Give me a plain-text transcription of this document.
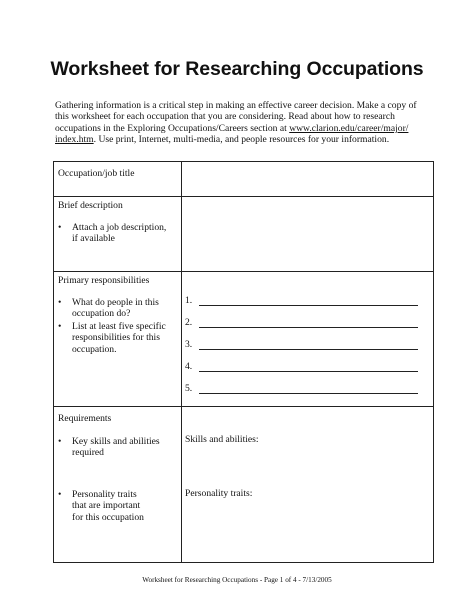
Worksheet for Researching Occupations
Gathering information is a critical step in making an effective career decision. Make a copy of
this worksheet for each occupation that you are considering. Read about how to research
occupations in the Exploring Occupations/Careers section at www.clarion.edu/career/major/
index.htm. Use print, Internet, multi-media, and people resources for your information.
Occupation/job title
Brief description
• Attach a job description,
if available
Primary responsibilities
• What do people in this
occupation do?
• List at least five specific
responsibilities for this
occupation.
1.
2.
3.
4.
5.
Requirements
• Key skills and abilities
required
• Personality traits
that are important
for this occupation
Skills and abilities:
Personality traits:
Worksheet for Researching Occupations - Page 1 of 4 - 7/13/2005
